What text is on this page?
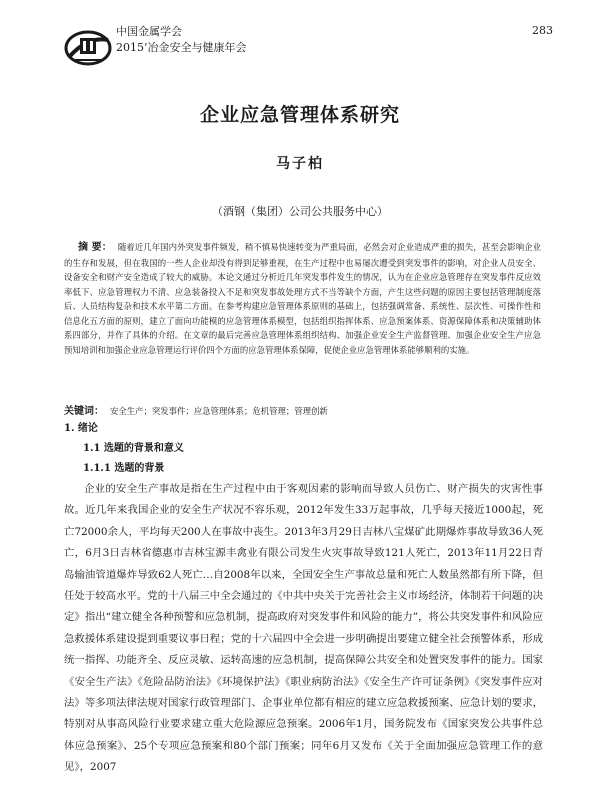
中国金属学会
2015’冶金安全与健康年会
283
企业应急管理体系研究
马子柏
（酒钢（集团）公司公共服务中心）

摘 要： 随着近几年国内外突发事件频发，稍不慎易快速转变为严重局面，必然会对企业造成严重的损失，甚至会影响企业的生存和发展，但在我国的一些人企业却没有得到足够重视，在生产过程中也易屡次遭受到突发事件的影响，对企业人员安全、设备安全和财产安全造成了较大的威胁。本论文通过分析近几年突发事件发生的情况，认为在企业应急管理存在突发事件反应效率低下、应急管理权力不清、应急装备投入不足和突发事故处理方式不当等缺个方面，产生这些问题的原因主要包括管理制度落后、人员结构复杂和技术水平第二方面。在参考构建应急管理体系原则的基础上，包括强调常备、系统性、层次性、可操作性和信息化五方面的原则，建立了面向功能模的应急管理体系模型，包括组织指挥体系、应急预案体系、资源保障体系和决策辅助体系四部分，并作了具体的介绍。在文章的最后完善应急管理体系组织结构、加强企业安全生产监督管理、加强企业安全生产应急预知培训和加强企业应急管理运行评价四个方面的应急管理体系保障，促使企业应急管理体系能够顺利的实施。

关键词： 安全生产；突发事件；应急管理体系；危机管理；管理创新
1. 绪论
1.1 选题的背景和意义
1.1.1 选题的背景

企业的安全生产事故是指在生产过程中由于客观因素的影响而导致人员伤亡、财产损失的灾害性事故。近几年来我国企业的安全生产状况不容乐观，2012年发生33万起事故，几乎每天接近1000起，死亡72000余人，平均每天200人在事故中丧生。2013年3月29日吉林八宝煤矿此期爆炸事故导致36人死亡，6月3日吉林省德惠市吉林宝源丰禽业有限公司发生火灾事故导致121人死亡，2013年11月22日青岛输油管道爆炸导致62人死亡…自2008年以来，全国安全生产事故总量和死亡人数虽然都有所下降，但任处于较高水平。党的十八届三中全会通过的《中共中央关于完善社会主义市场经济，体制若干问题的决定》指出“建立健全各种预警和应急机制，提高政府对突发事件和风险的能力”，将公共突发事件和风险应急救援体系建设提到重要议事日程；党的十六届四中全会进一步明确提出要建立健全社会预警体系，形成统一指挥、功能齐全、反应灵敏、运转高速的应急机制，提高保障公共安全和处置突发事件的能力。国家《安全生产法》《危险品防治法》《环境保护法》《职业病防治法》《安全生产许可证条例》《突发事件应对法》等多项法律法规对国家行政管理部门、企事业单位都有相应的建立应急救援预案、应急计划的要求，特别对从事高风险行业要求建立重大危险源应急预案。2006年1月，国务院发布《国家突发公共事件总体应急预案》、25个专项应急预案和80个部门预案；同年6月又发布《关于全面加强应急管理工作的意见》，2007
